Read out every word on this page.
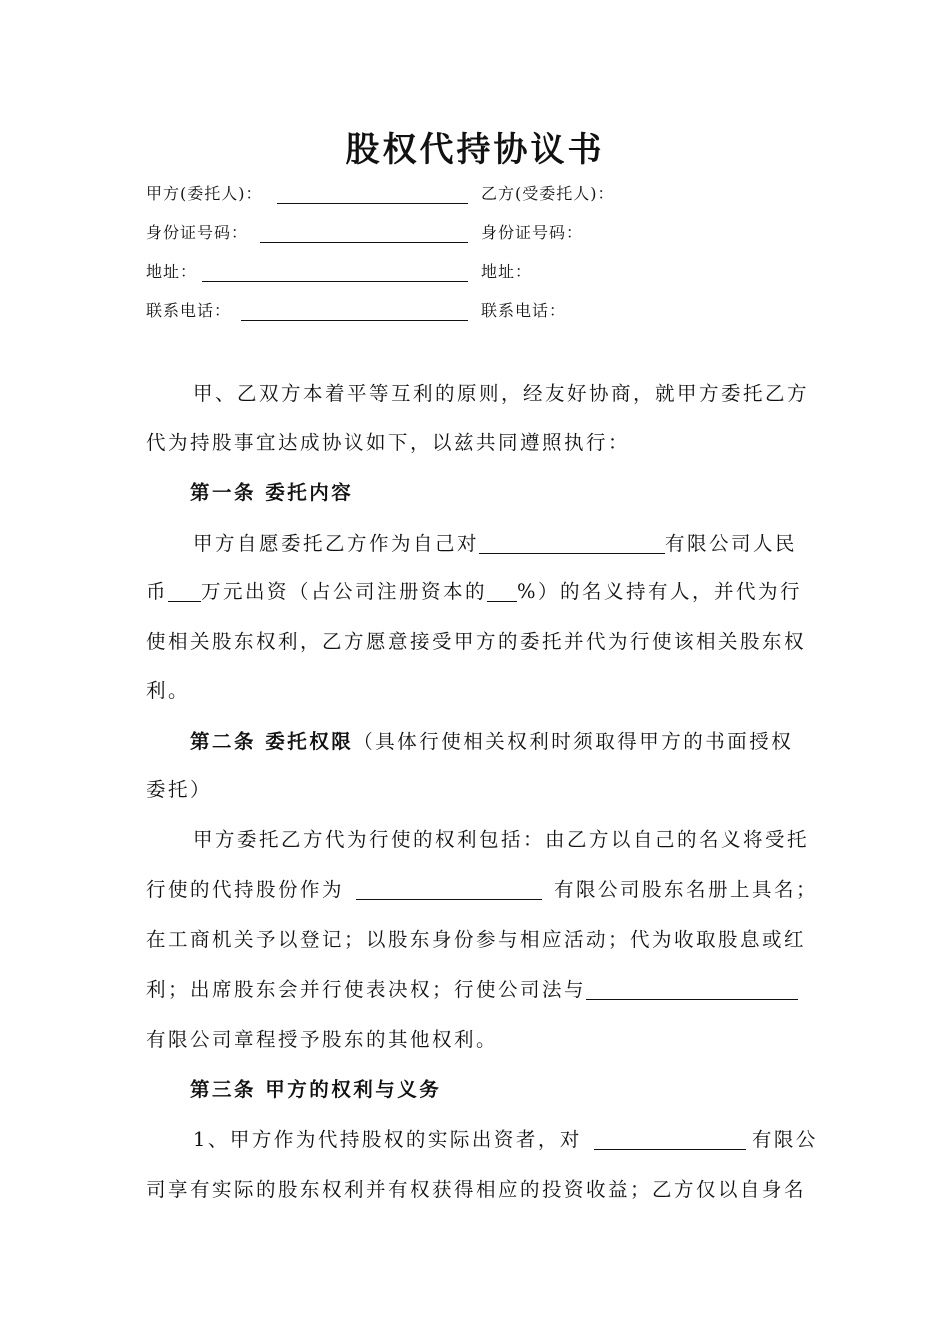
股权代持协议书
甲方(委托人)：	乙方(受委托人)：
身份证号码：	身份证号码：
地址：	地址：
联系电话：	联系电话：
甲、乙双方本着平等互利的原则，经友好协商，就甲方委托乙方
代为持股事宜达成协议如下，以兹共同遵照执行：
第一条 委托内容
甲方自愿委托乙方作为自己对	有限公司人民
币 万元出资（占公司注册资本的 %）的名义持有人，并代为行
使相关股东权利，乙方愿意接受甲方的委托并代为行使该相关股东权
利。
第二条 委托权限（具体行使相关权利时须取得甲方的书面授权
委托）
甲方委托乙方代为行使的权利包括：由乙方以自己的名义将受托
行使的代持股份作为	有限公司股东名册上具名；
在工商机关予以登记；以股东身份参与相应活动；代为收取股息或红
利；出席股东会并行使表决权；行使公司法与
有限公司章程授予股东的其他权利。
第三条 甲方的权利与义务
1、甲方作为代持股权的实际出资者，对	有限公
司享有实际的股东权利并有权获得相应的投资收益；乙方仅以自身名
